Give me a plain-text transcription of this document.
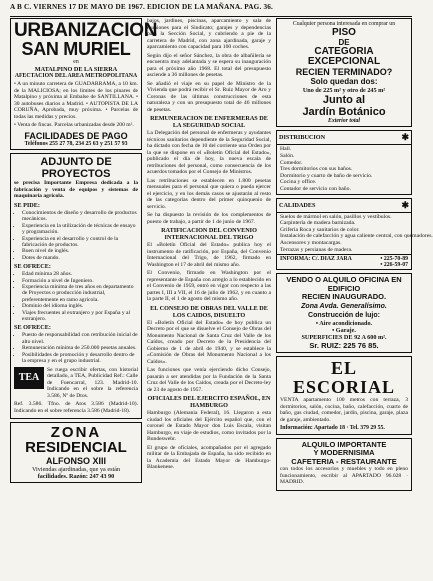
A B C. VIERNES 17 DE MAYO DE 1967. EDICION DE LA MAÑANA. PAG. 36.
URBANIZACION
SAN MURIEL
en
MATALPINO DE LA SIERRA
AFECTACION DEL AREA METROPOLITANA
• A un minuto carretera de GUADARRAMA, a 10 km. de la MALICIOSA; en los límites de los pinares de Matalpino y próxima al Embalse de SANTILLANA. • 30 autobuses diarios a Madrid. • AUTOPISTA DE LA CORUÑA, Aprobada, muy próxima. • Parcelas de todas las medidas y precios.
• Venta de fincas. Parcelas urbanizadas desde 200 m².
FACILIDADES DE PAGO
Teléfonos 255 27 78, 234 25 63 y 251 57 93
ADJUNTO DE PROYECTOS
se precisa Importante Empresa dedicada a la fabricación y venta de equipos y sistemas de maquinaria agrícola.
SE PIDE:
• Conocimientos de diseño y desarrollo de productos mecánicos.
• Experiencia en la utilización de técnicas de ensayo y programación.
• Experiencia en el desarrollo y control de la fabricación de productos.
• Buen nivel de inglés.
• Dotes de mando.
SE OFRECE:
• Edad mínima 28 años.
• Formación a nivel de Ingeniero.
• Experiencia mínima de tres años en departamento de Proyectos o producción industrial, preferentemente en ramo agrícola.
• Dominio del idioma inglés.
• Viajes frecuentes al extranjero y por España y al extranjero.
SE OFRECE:
• Puesto de responsabilidad con retribución inicial de alto nivel.
• Remuneración mínima de 250.000 pesetas anuales.
• Posibilidades de promoción y desarrollo dentro de la empresa y en el grupo industrial.
TEA
Se ruega escribir ofertas, con historial detallado, a TEA, Publicidad Ref.: Calle de Fuencarral, 123. Madrid-10. Indicando en el sobre la referencia 3.586, Nº de Dtos.
Ref. 3.586. Tfno. de Atos 3.586 (Madrid-10). Indicando en el sobre referencia 3.586 (Madrid-18).
ZONA
RESIDENCIAL
ALFONSO XIII
Viviendas ajardinadas, que ya están
facilidades. Razón: 247 43 90
bajos, jardines, piscinas, aparcamiento y sala de reuniones para el Sindicato; garajes y dependencias para la Sección Social, y cubriendo a pie de la carretera de Madrid, con zona ajardinada, garaje y aparcamiento con capacidad para 100 coches.
Según dijo el señor Sánchez, la obra de albañilería se encuentra muy adelantada y se espera su inauguración para el próximo año 1968. El total del presupuesto asciende a 36 millones de pesetas.
Se añadió el viaje en su papel de Ministro de la Vivienda que podrá recibir el Sr. Ruiz Mayor de Aro y Coronas de las últimas construcciones de esta naturaleza y con un presupuesto total de 46 millones de pesetas.
REMUNERACION DE ENFERMERAS DE LA SEGURIDAD SOCIAL
La Delegación del personal de enfermeras y ayudantes técnicos sanitarios dependiente de la Seguridad Social, ha dictado con fecha de 10 del corriente una Orden por la que se dispone en el «Boletín Oficial del Estado», publicado el día de hoy, la nueva escala de retribuciones del personal, como consecuencia de los acuerdos tomados por el Consejo de Ministros.
Las retribuciones se establecen en 1.800 pesetas mensuales para el personal que quiera o pueda ejercer el ejercicio, y en los demás casos se ajustarán al resto de las categorías dentro del primer quinquenio de servicio.
Se ha dispuesto la revisión de los complementos de puesto de trabajo, a partir de 1 de junio de 1967.
RATIFICACION DEL CONVENIO INTERNACIONAL DEL TRIGO
El «Boletín Oficial del Estado» publica hoy el instrumento de ratificación, por España, del Convenio Internacional del Trigo, de 1962, firmado en Washington el 17 de abril del mismo año.
El Convenio, firmado en Washington por el representante de España con arreglo a lo establecido en el Convenio de 1959, entró en vigor con respecto a las partes I, III a VII, el 16 de julio de 1962, y en cuanto a la parte II, el 1 de agosto del mismo año.
EL CONSEJO DE OBRAS DEL VALLE DE LOS CAIDOS, DISUELTO
El «Boletín Oficial del Estado» de hoy publica un Decreto por el que se disuelve el Consejo de Obras del Monumento Nacional de Santa Cruz del Valle de los Caídos, creado por Decreto de la Presidencia del Gobierno de 1 de abril de 1940, y se establece la «Comisión de Obras del Monumento Nacional a los Caídos».
Las funciones que venía ejerciendo dicho Consejo, pasarán a ser atendidas por la Fundación de la Santa Cruz del Valle de los Caídos, creada por el Decreto-ley de 23 de agosto de 1957.
OFICIALES DEL EJERCITO ESPAÑOL, EN HAMBURGO
Hamburgo (Alemania Federal), 16. Llegaron a esta ciudad los oficiales del Ejército español que, con el coronel de Estado Mayor don Luis Escala, visitan Hamburgo, en viaje de estudios, como invitados por la Bundeswehr.
El grupo de oficiales, acompañados por el agregado militar de la Embajada de España, ha sido recibido en la Academia del Estado Mayor de Hamburgo-Blankenese.
Cualquier persona interesada en comprar un
PISO
DE
CATEGORIA
EXCEPCIONAL
RECIEN TERMINADO?
Solo quedan dos:
Uno de 225 m² y otro de 245 m²
Junto al
Jardín Botánico
Exterior total
DISTRIBUCION	✱
Hall.
Salón.
Comedor.
Tres dormitorios con sus baños.
Dormitorio y cuarto de baño de servicio.
Cocina y office.
Contador de servicio con baño.
CALIDADES	✱
Suelos de mármol en salón, pasillos y vestíbulos.
Carpintería de madera barnizada.
Grifería Roca y sanitarios de color.
Instalación de calefacción y agua caliente central, con quemadores.
Ascensores y montacargas.
Terrazas y persianas de madera.
INFORMA: C/. DIAZ JARA	• 225-70-89
• 226-59-07
VENDO O ALQUILO OFICINA EN EDIFICIO
RECIEN INAUGURADO.
Zona Avda. Generalísimo.
Construcción de lujo:
• Aire acondicionado.
• Garaje.
SUPERFICIES DE 92 A 600 m².
Sr. RUIZ: 225 76 85.
EL ESCORIAL
VENTA apartamento 100 metros con terraza, 3 dormitorios, salón, cocina, baño, calefacción, cuarto de baño, gas ciudad, comedor, jardín, piscina, garaje, plaza de garaje, ambientado.
Información: Apartado 18 · Tel. 379 29 55.
ALQUILO IMPORTANTE
Y MODERNISIMA
CAFETERIA - RESTAURANTE
con todos los accesorios y muebles y todo en pleno funcionamiento, escribir al APARTADO 96.028 · MADRID.
